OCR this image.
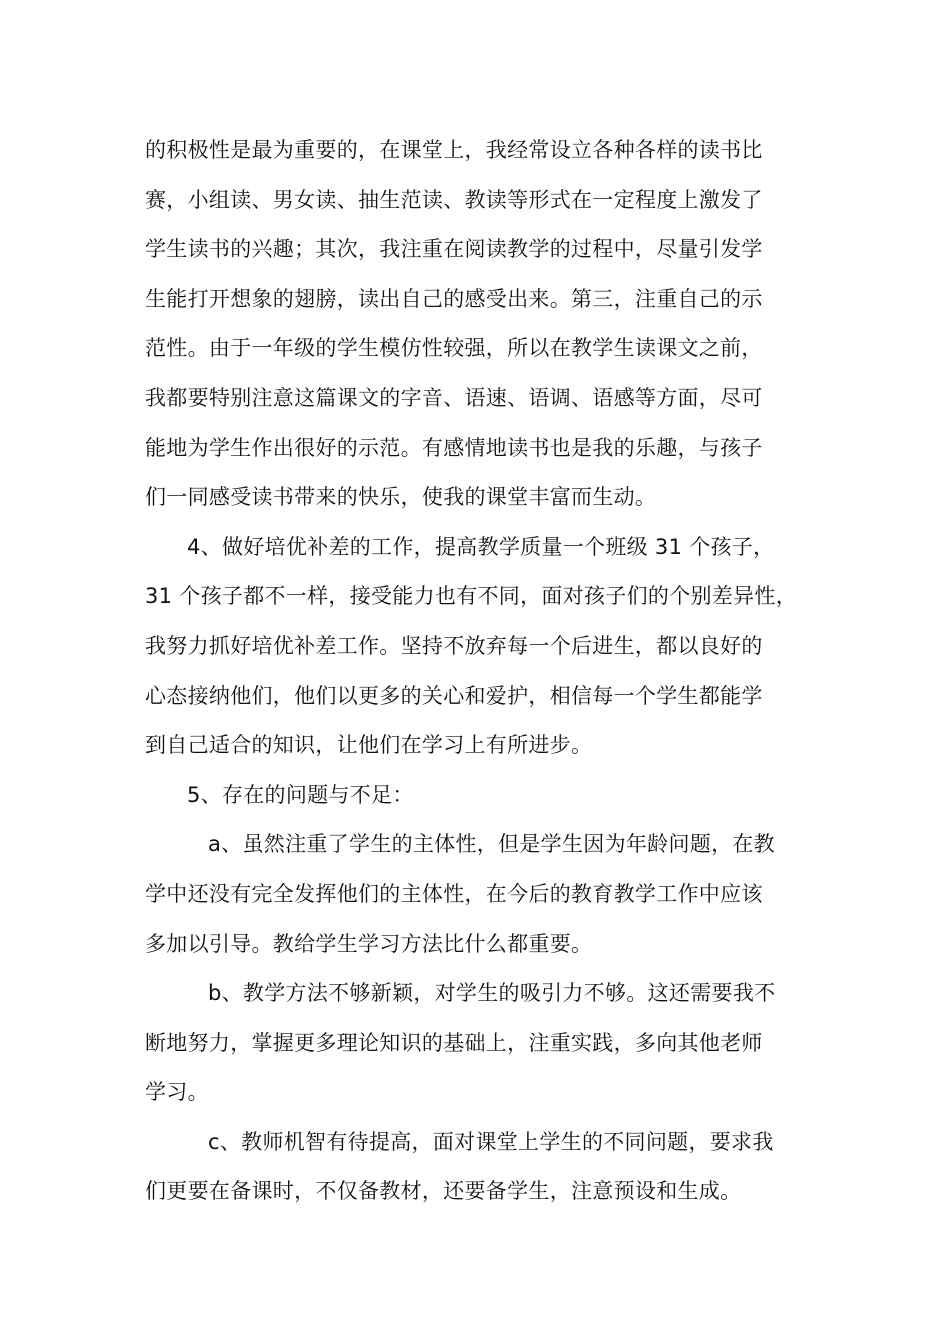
的积极性是最为重要的，在课堂上，我经常设立各种各样的读书比
赛，小组读、男女读、抽生范读、教读等形式在一定程度上激发了
学生读书的兴趣；其次，我注重在阅读教学的过程中，尽量引发学
生能打开想象的翅膀，读出自己的感受出来。第三，注重自己的示
范性。由于一年级的学生模仿性较强，所以在教学生读课文之前，
我都要特别注意这篇课文的字音、语速、语调、语感等方面，尽可
能地为学生作出很好的示范。有感情地读书也是我的乐趣，与孩子
们一同感受读书带来的快乐，使我的课堂丰富而生动。
4、做好培优补差的工作，提高教学质量一个班级 31 个孩子，
31 个孩子都不一样，接受能力也有不同，面对孩子们的个别差异性，
我努力抓好培优补差工作。坚持不放弃每一个后进生，都以良好的
心态接纳他们，他们以更多的关心和爱护，相信每一个学生都能学
到自己适合的知识，让他们在学习上有所进步。
5、存在的问题与不足：
a、虽然注重了学生的主体性，但是学生因为年龄问题，在教
学中还没有完全发挥他们的主体性，在今后的教育教学工作中应该
多加以引导。教给学生学习方法比什么都重要。
b、教学方法不够新颖，对学生的吸引力不够。这还需要我不
断地努力，掌握更多理论知识的基础上，注重实践，多向其他老师
学习。
c、教师机智有待提高，面对课堂上学生的不同问题，要求我
们更要在备课时，不仅备教材，还要备学生，注意预设和生成。
